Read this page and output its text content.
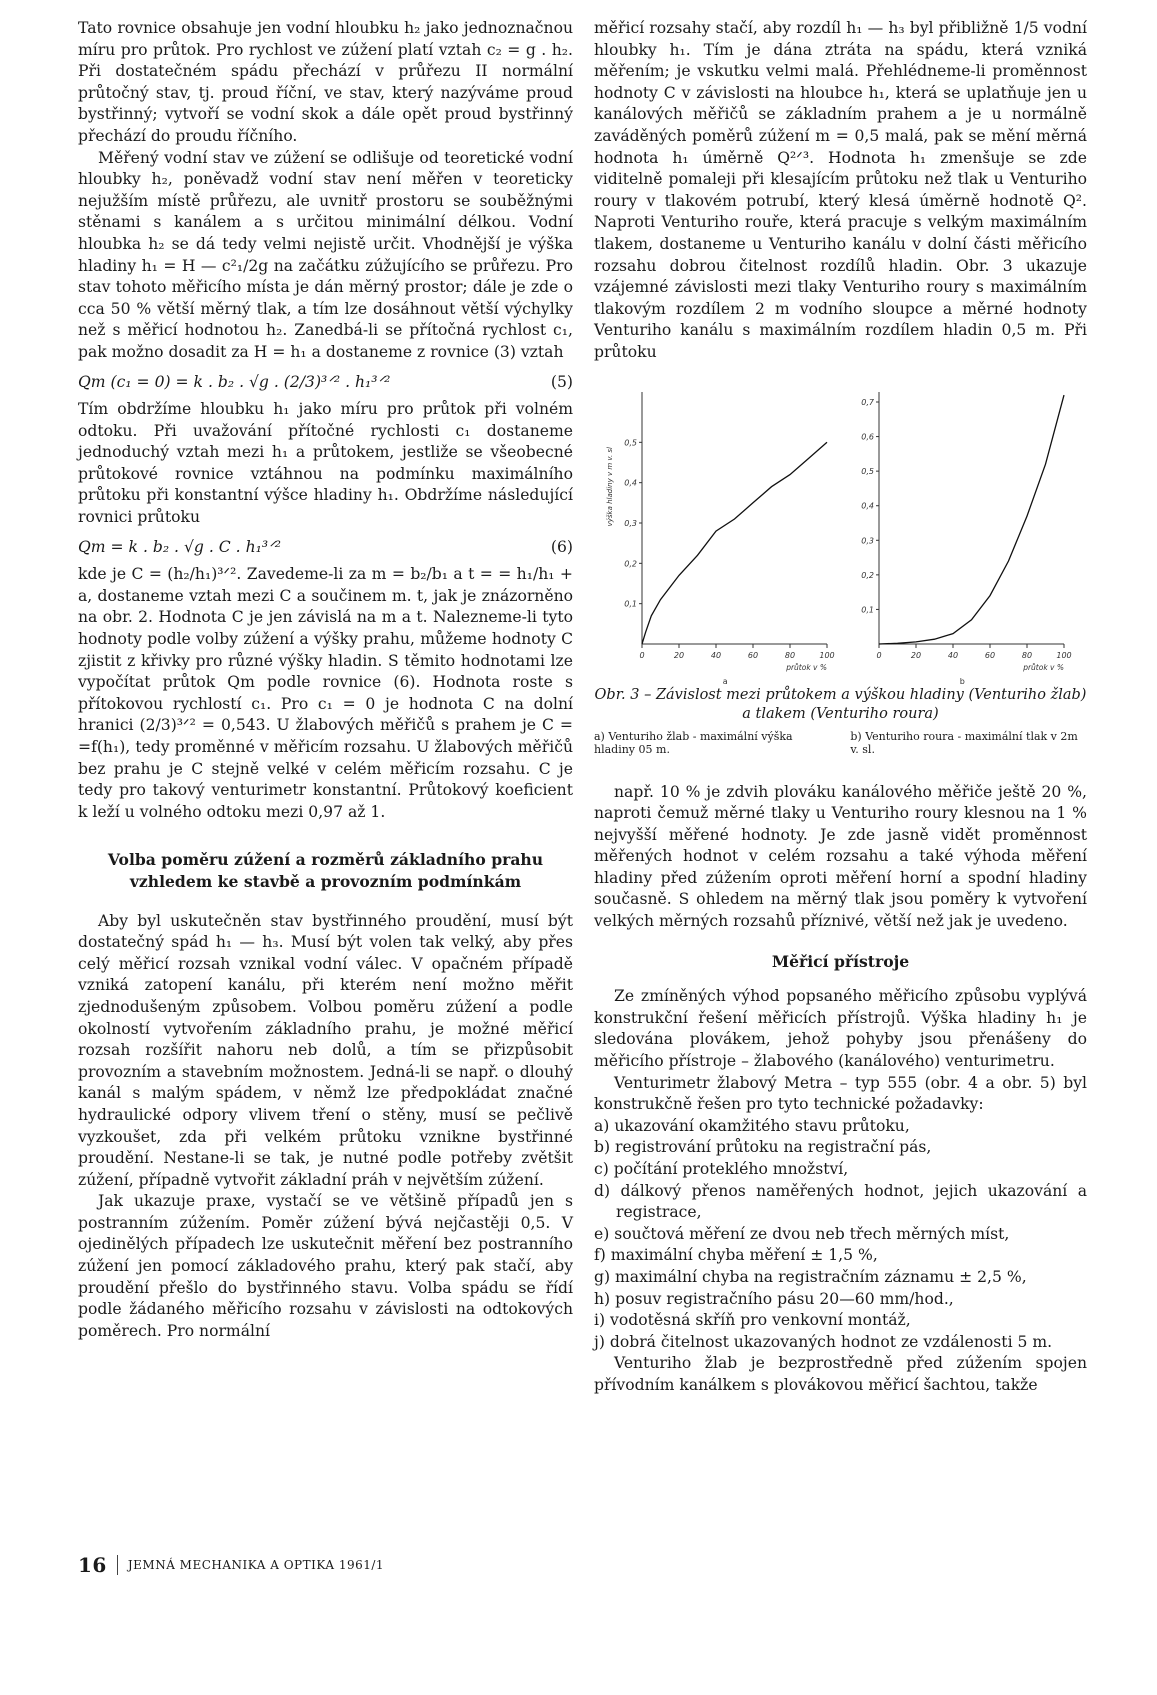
Tato rovnice obsahuje jen vodní hloubku h₂ jako jednoznačnou míru pro průtok. Pro rychlost ve zúžení platí vztah c₂ = g . h₂. Při dostatečném spádu přechází v průřezu II normální průtočný stav, tj. proud říční, ve stav, který nazýváme proud bystřinný; vytvoří se vodní skok a dále opět proud bystřinný přechází do proudu říčního.

Měřený vodní stav ve zúžení se odlišuje od teoretické vodní hloubky h₂, poněvadž vodní stav není měřen v teoreticky nejužším místě průřezu, ale uvnitř prostoru se souběžnými stěnami s kanálem a s určitou minimální délkou. Vodní hloubka h₂ se dá tedy velmi nejistě určit. Vhodnější je výška hladiny h₁ = H — c²₁/2g na začátku zúžujícího se průřezu. Pro stav tohoto měřicího místa je dán měrný prostor; dále je zde o cca 50 % větší měrný tlak, a tím lze dosáhnout větší výchylky než s měřicí hodnotou h₂. Zanedbá-li se přítočná rychlost c₁, pak možno dosadit za H = h₁ a dostaneme z rovnice (3) vztah

Qm (c₁ = 0) = k . b₂ . √g . (2/3)³ᐟ² . h₁³ᐟ²	(5)

Tím obdržíme hloubku h₁ jako míru pro průtok při volném odtoku. Při uvažování přítočné rychlosti c₁ dostaneme jednoduchý vztah mezi h₁ a průtokem, jestliže se všeobecné průtokové rovnice vztáhnou na podmínku maximálního průtoku při konstantní výšce hladiny h₁. Obdržíme následující rovnici průtoku

Qm = k . b₂ . √g . C . h₁³ᐟ²	(6)

kde je C = (h₂/h₁)³ᐟ². Zavedeme-li za m = b₂/b₁ a t = = h₁/h₁ + a, dostaneme vztah mezi C a součinem m. t, jak je znázorněno na obr. 2. Hodnota C je jen závislá na m a t. Nalezneme-li tyto hodnoty podle volby zúžení a výšky prahu, můžeme hodnoty C zjistit z křivky pro různé výšky hladin. S těmito hodnotami lze vypočítat průtok Qm podle rovnice (6). Hodnota roste s přítokovou rychlostí c₁. Pro c₁ = 0 je hodnota C na dolní hranici (2/3)³ᐟ² = 0,543. U žlabových měřičů s prahem je C = =f(h₁), tedy proměnné v měřicím rozsahu. U žlabových měřičů bez prahu je C stejně velké v celém měřicím rozsahu. C je tedy pro takový venturimetr konstantní. Průtokový koeficient k leží u volného odtoku mezi 0,97 až 1.

Volba poměru zúžení a rozměrů základního prahu vzhledem ke stavbě a provozním podmínkám

Aby byl uskutečněn stav bystřinného proudění, musí být dostatečný spád h₁ — h₃. Musí být volen tak velký, aby přes celý měřicí rozsah vznikal vodní válec. V opačném případě vzniká zatopení kanálu, při kterém není možno měřit zjednodušeným způsobem. Volbou poměru zúžení a podle okolností vytvořením základního prahu, je možné měřicí rozsah rozšířit nahoru neb dolů, a tím se přizpůsobit provozním a stavebním možnostem. Jedná-li se např. o dlouhý kanál s malým spádem, v němž lze předpokládat značné hydraulické odpory vlivem tření o stěny, musí se pečlivě vyzkoušet, zda při velkém průtoku vznikne bystřinné proudění. Nestane-li se tak, je nutné podle potřeby zvětšit zúžení, případně vytvořit základní práh v největším zúžení.

Jak ukazuje praxe, vystačí se ve většině případů jen s postranním zúžením. Poměr zúžení bývá nejčastěji 0,5. V ojedinělých případech lze uskutečnit měření bez postranního zúžení jen pomocí základového prahu, který pak stačí, aby proudění přešlo do bystřinného stavu. Volba spádu se řídí podle žádaného měřicího rozsahu v závislosti na odtokových poměrech. Pro normální

měřicí rozsahy stačí, aby rozdíl h₁ — h₃ byl přibližně 1/5 vodní hloubky h₁. Tím je dána ztráta na spádu, která vzniká měřením; je vskutku velmi malá. Přehlédneme-li proměnnost hodnoty C v závislosti na hloubce h₁, která se uplatňuje jen u kanálových měřičů se základním prahem a je u normálně zaváděných poměrů zúžení m = 0,5 malá, pak se mění měrná hodnota h₁ úměrně Q²ᐟ³. Hodnota h₁ zmenšuje se zde viditelně pomaleji při klesajícím průtoku než tlak u Venturiho roury v tlakovém potrubí, který klesá úměrně hodnotě Q². Naproti Venturiho rouře, která pracuje s velkým maximálním tlakem, dostaneme u Venturiho kanálu v dolní části měřicího rozsahu dobrou čitelnost rozdílů hladin. Obr. 3 ukazuje vzájemné závislosti mezi tlaky Venturiho roury s maximálním tlakovým rozdílem 2 m vodního sloupce a měrné hodnoty Venturiho kanálu s maximálním rozdílem hladin 0,5 m. Při průtoku

0	20	40	60	80	100
0,1
0,2
0,3
0,4
0,5
průtok v %
výška hladiny v m v. sl
a
0	20	40	60	80	100
0,1
0,2
0,3
0,4
0,5
0,6
0,7
průtok v %
b
Obr. 3 – Závislost mezi průtokem a výškou hladiny (Venturiho žlab) a tlakem (Venturiho roura)
a) Venturiho žlab - maximální výška hladiny 05 m.
b) Venturiho roura - maximální tlak v 2m v. sl.

např. 10 % je zdvih plováku kanálového měřiče ještě 20 %, naproti čemuž měrné tlaky u Venturiho roury klesnou na 1 % nejvyšší měřené hodnoty. Je zde jasně vidět proměnnost měřených hodnot v celém rozsahu a také výhoda měření hladiny před zúžením oproti měření horní a spodní hladiny současně. S ohledem na měrný tlak jsou poměry k vytvoření velkých měrných rozsahů příznivé, větší než jak je uvedeno.

Měřicí přístroje

Ze zmíněných výhod popsaného měřicího způsobu vyplývá konstrukční řešení měřicích přístrojů. Výška hladiny h₁ je sledována plovákem, jehož pohyby jsou přenášeny do měřicího přístroje – žlabového (kanálového) venturimetru.

Venturimetr žlabový Metra – typ 555 (obr. 4 a obr. 5) byl konstrukčně řešen pro tyto technické požadavky:

a) ukazování okamžitého stavu průtoku,
b) registrování průtoku na registrační pás,
c) počítání proteklého množství,
d) dálkový přenos naměřených hodnot, jejich ukazování a registrace,
e) součtová měření ze dvou neb třech měrných míst,
f) maximální chyba měření ± 1,5 %,
g) maximální chyba na registračním záznamu ± 2,5 %,
h) posuv registračního pásu 20—60 mm/hod.,
i) vodotěsná skříň pro venkovní montáž,
j) dobrá čitelnost ukazovaných hodnot ze vzdálenosti 5 m.

Venturiho žlab je bezprostředně před zúžením spojen přívodním kanálkem s plovákovou měřicí šachtou, takže

16 JEMNÁ MECHANIKA A OPTIKA 1961/1
